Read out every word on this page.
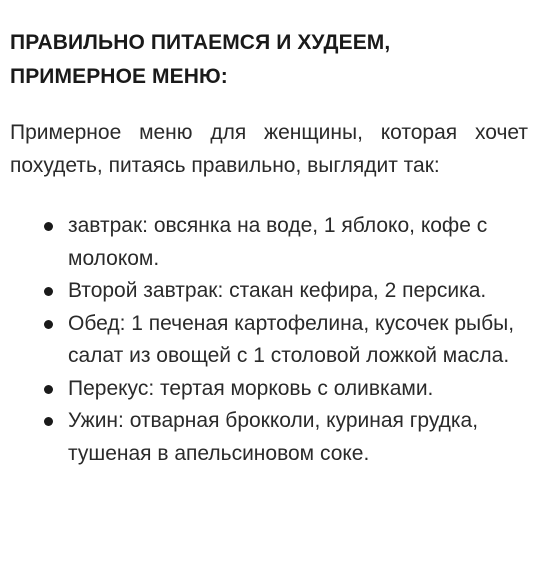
ПРАВИЛЬНО ПИТАЕМСЯ И ХУДЕЕМ, ПРИМЕРНОЕ МЕНЮ:

Примерное меню для женщины, которая хочет похудеть, питаясь правильно, выглядит так:

завтрак: овсянка на воде, 1 яблоко, кофе с молоком.
Второй завтрак: стакан кефира, 2 персика.
Обед: 1 печеная картофелина, кусочек рыбы, салат из овощей с 1 столовой ложкой масла.
Перекус: тертая морковь с оливками.
Ужин: отварная брокколи, куриная грудка, тушеная в апельсиновом соке.
